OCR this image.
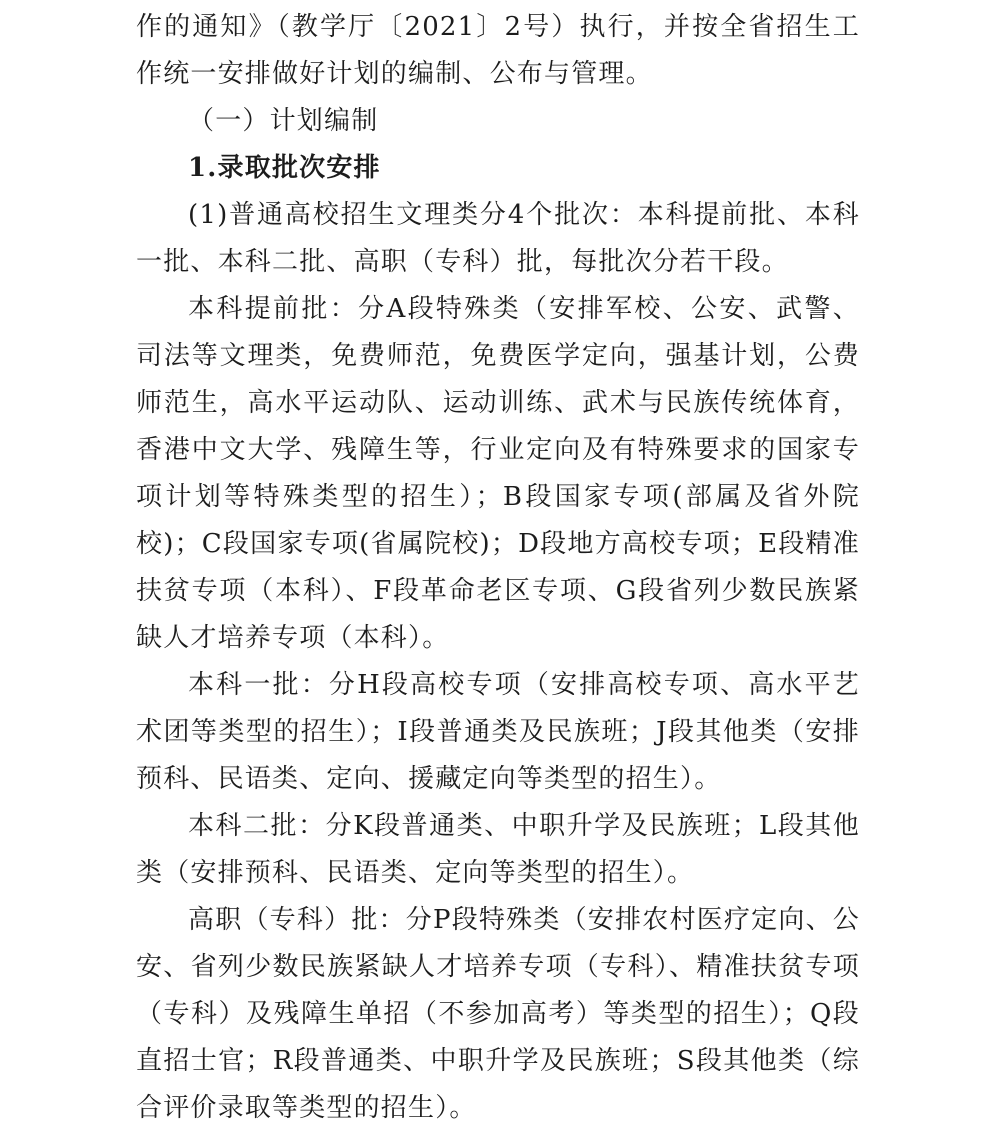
作的通知》（教学厅〔2021〕2号）执行，并按全省招生工作统一安排做好计划的编制、公布与管理。

（一）计划编制

1.录取批次安排

(1)普通高校招生文理类分4个批次：本科提前批、本科一批、本科二批、高职（专科）批，每批次分若干段。

本科提前批：分A段特殊类（安排军校、公安、武警、司法等文理类，免费师范，免费医学定向，强基计划，公费师范生，高水平运动队、运动训练、武术与民族传统体育，香港中文大学、残障生等，行业定向及有特殊要求的国家专项计划等特殊类型的招生）；B段国家专项(部属及省外院校)；C段国家专项(省属院校)；D段地方高校专项；E段精准扶贫专项（本科）、F段革命老区专项、G段省列少数民族紧缺人才培养专项（本科）。

本科一批：分H段高校专项（安排高校专项、高水平艺术团等类型的招生）；I段普通类及民族班；J段其他类（安排预科、民语类、定向、援藏定向等类型的招生）。

本科二批：分K段普通类、中职升学及民族班；L段其他类（安排预科、民语类、定向等类型的招生）。

高职（专科）批：分P段特殊类（安排农村医疗定向、公安、省列少数民族紧缺人才培养专项（专科）、精准扶贫专项（专科）及残障生单招（不参加高考）等类型的招生）；Q段直招士官；R段普通类、中职升学及民族班；S段其他类（综合评价录取等类型的招生）。
